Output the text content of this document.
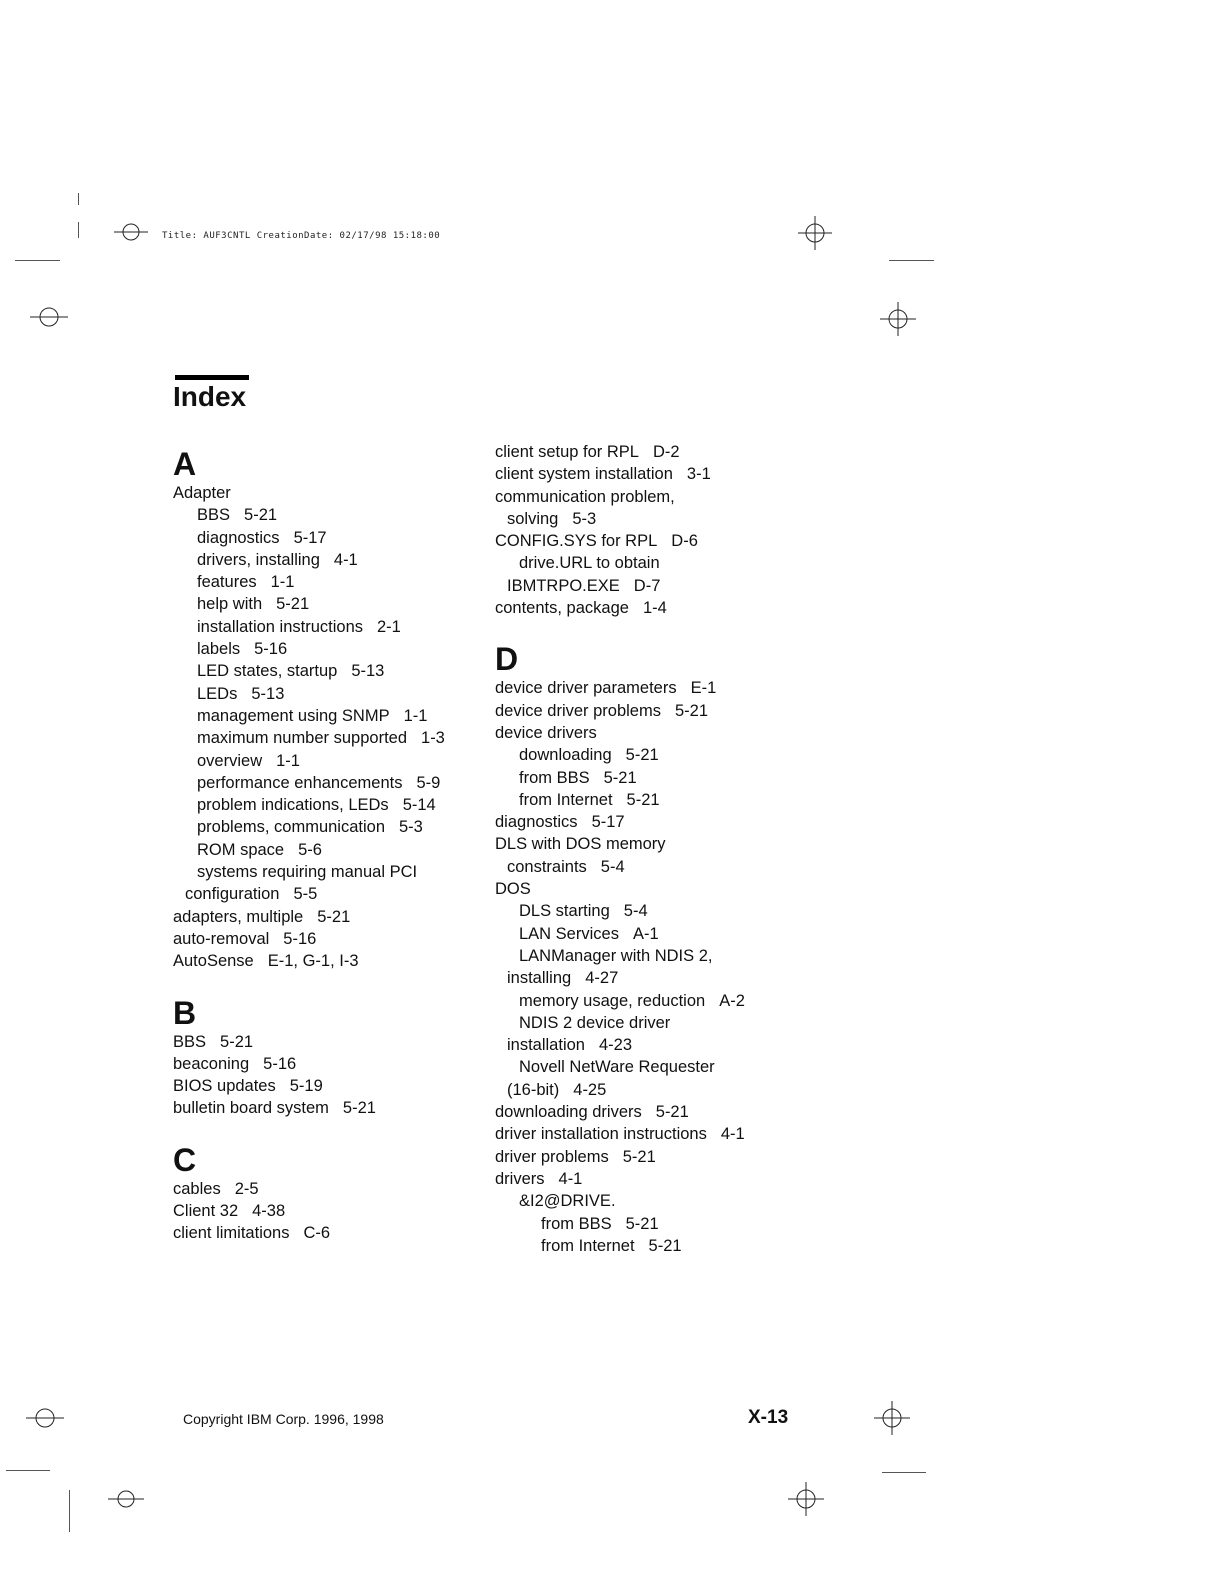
Title: AUF3CNTL CreationDate: 02/17/98 15:18:00
Index
A
Adapter
BBS 5-21
diagnostics 5-17
drivers, installing 4-1
features 1-1
help with 5-21
installation instructions 2-1
labels 5-16
LED states, startup 5-13
LEDs 5-13
management using SNMP 1-1
maximum number supported 1-3
overview 1-1
performance enhancements 5-9
problem indications, LEDs 5-14
problems, communication 5-3
ROM space 5-6
systems requiring manual PCI
configuration 5-5
adapters, multiple 5-21
auto-removal 5-16
AutoSense E-1, G-1, I-3
B
BBS 5-21
beaconing 5-16
BIOS updates 5-19
bulletin board system 5-21
C
cables 2-5
Client 32 4-38
client limitations C-6
client setup for RPL D-2
client system installation 3-1
communication problem,
solving 5-3
CONFIG.SYS for RPL D-6
drive.URL to obtain
IBMTRPO.EXE D-7
contents, package 1-4
D
device driver parameters E-1
device driver problems 5-21
device drivers
downloading 5-21
from BBS 5-21
from Internet 5-21
diagnostics 5-17
DLS with DOS memory
constraints 5-4
DOS
DLS starting 5-4
LAN Services A-1
LANManager with NDIS 2,
installing 4-27
memory usage, reduction A-2
NDIS 2 device driver
installation 4-23
Novell NetWare Requester
(16-bit) 4-25
downloading drivers 5-21
driver installation instructions 4-1
driver problems 5-21
drivers 4-1
&I2@DRIVE.
from BBS 5-21
from Internet 5-21
Copyright IBM Corp. 1996, 1998	X-13
